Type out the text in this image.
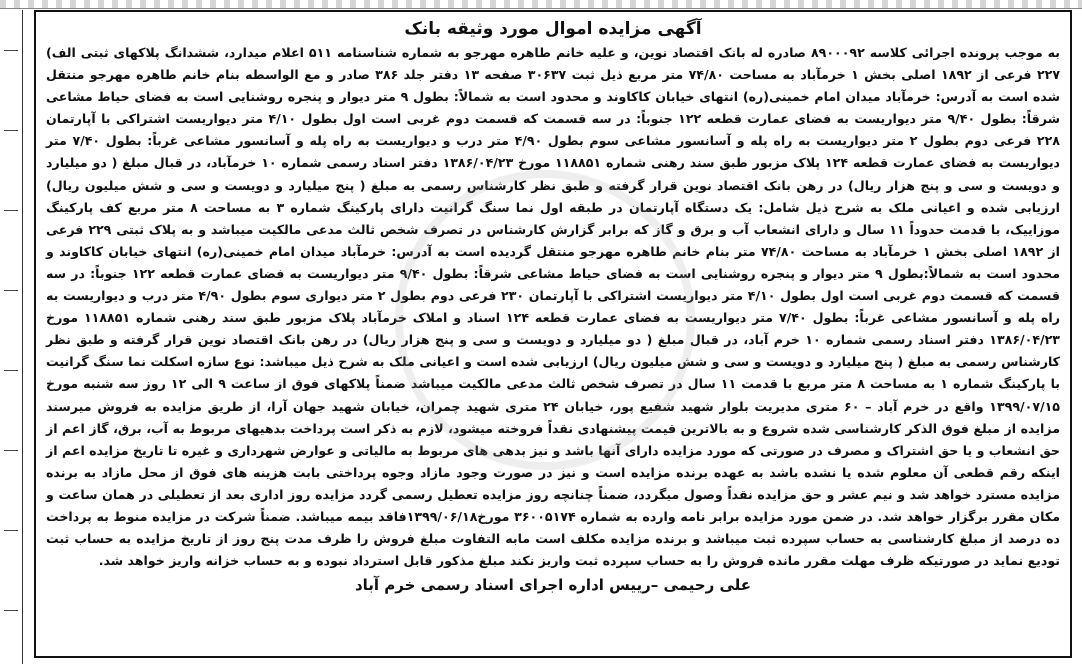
آگهی مزایده اموال مورد وثیقه بانک

به موجب پرونده اجرائی کلاسه ۸۹۰۰۰۹۲ صادره له بانک اقتصاد نوین، و علیه خانم طاهره مهرجو به شماره شناسنامه ۵۱۱ اعلام میدارد، ششدانگ پلاکهای ثبتی الف) ۲۲۷ فرعی از ۱۸۹۲ اصلی بخش ۱ خرمآباد به مساحت ۷۴/۸۰ متر مربع ذیل ثبت ۳۰۶۳۷ صفحه ۱۳ دفتر جلد ۳۸۶ صادر و مع الواسطه بنام خانم طاهره مهرجو منتقل شده است به آدرس: خرمآباد میدان امام خمینی(ره) انتهای خیابان کاکاوند و محدود است به شمالاً: بطول ۹ متر دیوار و پنجره روشنایی است به فضای حیاط مشاعی شرقاً: بطول ۹/۴۰ متر دیواریست به فضای عمارت قطعه ۱۲۲ جنوباً: در سه قسمت که قسمت دوم غربی است اول بطول ۴/۱۰ متر دیواریست اشتراکی با آپارتمان ۲۲۸ فرعی دوم بطول ۲ متر دیواریست به راه پله و آسانسور مشاعی سوم بطول ۴/۹۰ متر درب و دیواریست به راه پله و آسانسور مشاعی غرباً: بطول ۷/۴۰ متر دیواریست به فضای عمارت قطعه ۱۲۴ پلاک مزبور طبق سند رهنی شماره ۱۱۸۸۵۱ مورخ ۱۳۸۶/۰۴/۲۳ دفتر اسناد رسمی شماره ۱۰ خرمآباد، در قبال مبلغ ( دو میلیارد و دویست و سی و پنج هزار ریال) در رهن بانک اقتصاد نوین قرار گرفته و طبق نظر کارشناس رسمی به مبلغ ( پنج میلیارد و دویست و سی و شش میلیون ریال) ارزیابی شده و اعیانی ملک به شرح ذیل شامل: یک دستگاه آپارتمان در طبقه اول نما سنگ گرانیت دارای پارکینگ شماره ۳ به مساحت ۸ متر مربع کف پارکینگ موزاییک، با قدمت حدوداً ۱۱ سال و دارای انشعاب آب و برق و گاز که برابر گزارش کارشناس در تصرف شخص ثالث مدعی مالکیت میباشد و به پلاک ثبتی ۲۲۹ فرعی از ۱۸۹۲ اصلی بخش ۱ خرمآباد به مساحت ۷۴/۸۰ متر بنام خانم طاهره مهرجو منتقل گردیده است به آدرس: خرمآباد میدان امام خمینی(ره) انتهای خیابان کاکاوند و محدود است به شمالاً:بطول ۹ متر دیوار و پنجره روشنایی است به فضای حیاط مشاعی شرقاً: بطول ۹/۴۰ متر دیواریست به فضای عمارت قطعه ۱۲۲ جنوباً: در سه قسمت که قسمت دوم غربی است اول بطول ۴/۱۰ متر دیواریست اشتراکی با آپارتمان ۲۳۰ فرعی دوم بطول ۲ متر دیواری سوم بطول ۴/۹۰ متر درب و دیواریست به راه پله و آسانسور مشاعی غرباً: بطول ۷/۴۰ متر دیواریست به فضای عمارت قطعه ۱۲۴ اسناد و املاک خرمآباد پلاک مزبور طبق سند رهنی شماره ۱۱۸۸۵۱ مورخ ۱۳۸۶/۰۴/۲۳ دفتر اسناد رسمی شماره ۱۰ خرم آباد، در قبال مبلغ ( دو میلیارد و دویست و سی و پنج هزار ریال) در رهن بانک اقتصاد نوین قرار گرفته و طبق نظر کارشناس رسمی به مبلغ ( پنج میلیارد و دویست و سی و شش میلیون ریال) ارزیابی شده است و اعیانی ملک به شرح ذیل میباشد: نوع سازه اسکلت نما سنگ گرانیت با پارکینگ شماره ۱ به مساحت ۸ متر مربع با قدمت ۱۱ سال در تصرف شخص ثالث مدعی مالکیت میباشد ضمناً پلاکهای فوق از ساعت ۹ الی ۱۲ روز سه شنبه مورخ ۱۳۹۹/۰۷/۱۵ واقع در خرم آباد – ۶۰ متری مدیریت بلوار شهید شفیع پور، خیابان ۲۴ متری شهید چمران، خیابان شهید جهان آرا، از طریق مزایده به فروش میرسند مزایده از مبلغ فوق الذکر کارشناسی شده شروع و به بالاترین قیمت پیشنهادی نقداً فروخته میشود، لازم به ذکر است پرداخت بدهیهای مربوط به آب، برق، گاز اعم از حق انشعاب و یا حق اشتراک و مصرف در صورتی که مورد مزایده دارای آنها باشد و نیز بدهی های مربوط به مالیاتی و عوارض شهرداری و غیره تا تاریخ مزایده اعم از اینکه رقم قطعی آن معلوم شده یا نشده باشد به عهده برنده مزایده است و نیز در صورت وجود مازاد وجوه پرداختی بابت هزینه های فوق از محل مازاد به برنده مزایده مسترد خواهد شد و نیم عشر و حق مزایده نقداً وصول میگردد، ضمناً چنانچه روز مزایده تعطیل رسمی گردد مزایده روز اداری بعد از تعطیلی در همان ساعت و مکان مقرر برگزار خواهد شد. در ضمن مورد مزایده برابر نامه وارده به شماره ۳۶۰۰۵۱۷۴ مورخ۱۳۹۹/۰۶/۱۸فاقد بیمه میباشد. ضمناً شرکت در مزایده منوط به پرداخت ده درصد از مبلغ کارشناسی به حساب سپرده ثبت میباشد و برنده مزایده مکلف است مابه التفاوت مبلغ فروش را ظرف مدت پنج روز از تاریخ مزایده به حساب ثبت تودیع نماید در صورتیکه ظرف مهلت مقرر مانده فروش را به حساب سپرده ثبت واریز نکند مبلغ مذکور قابل استرداد نبوده و به حساب خزانه واریز خواهد شد.

علی رحیمی –رییس اداره اجرای اسناد رسمی خرم آباد
